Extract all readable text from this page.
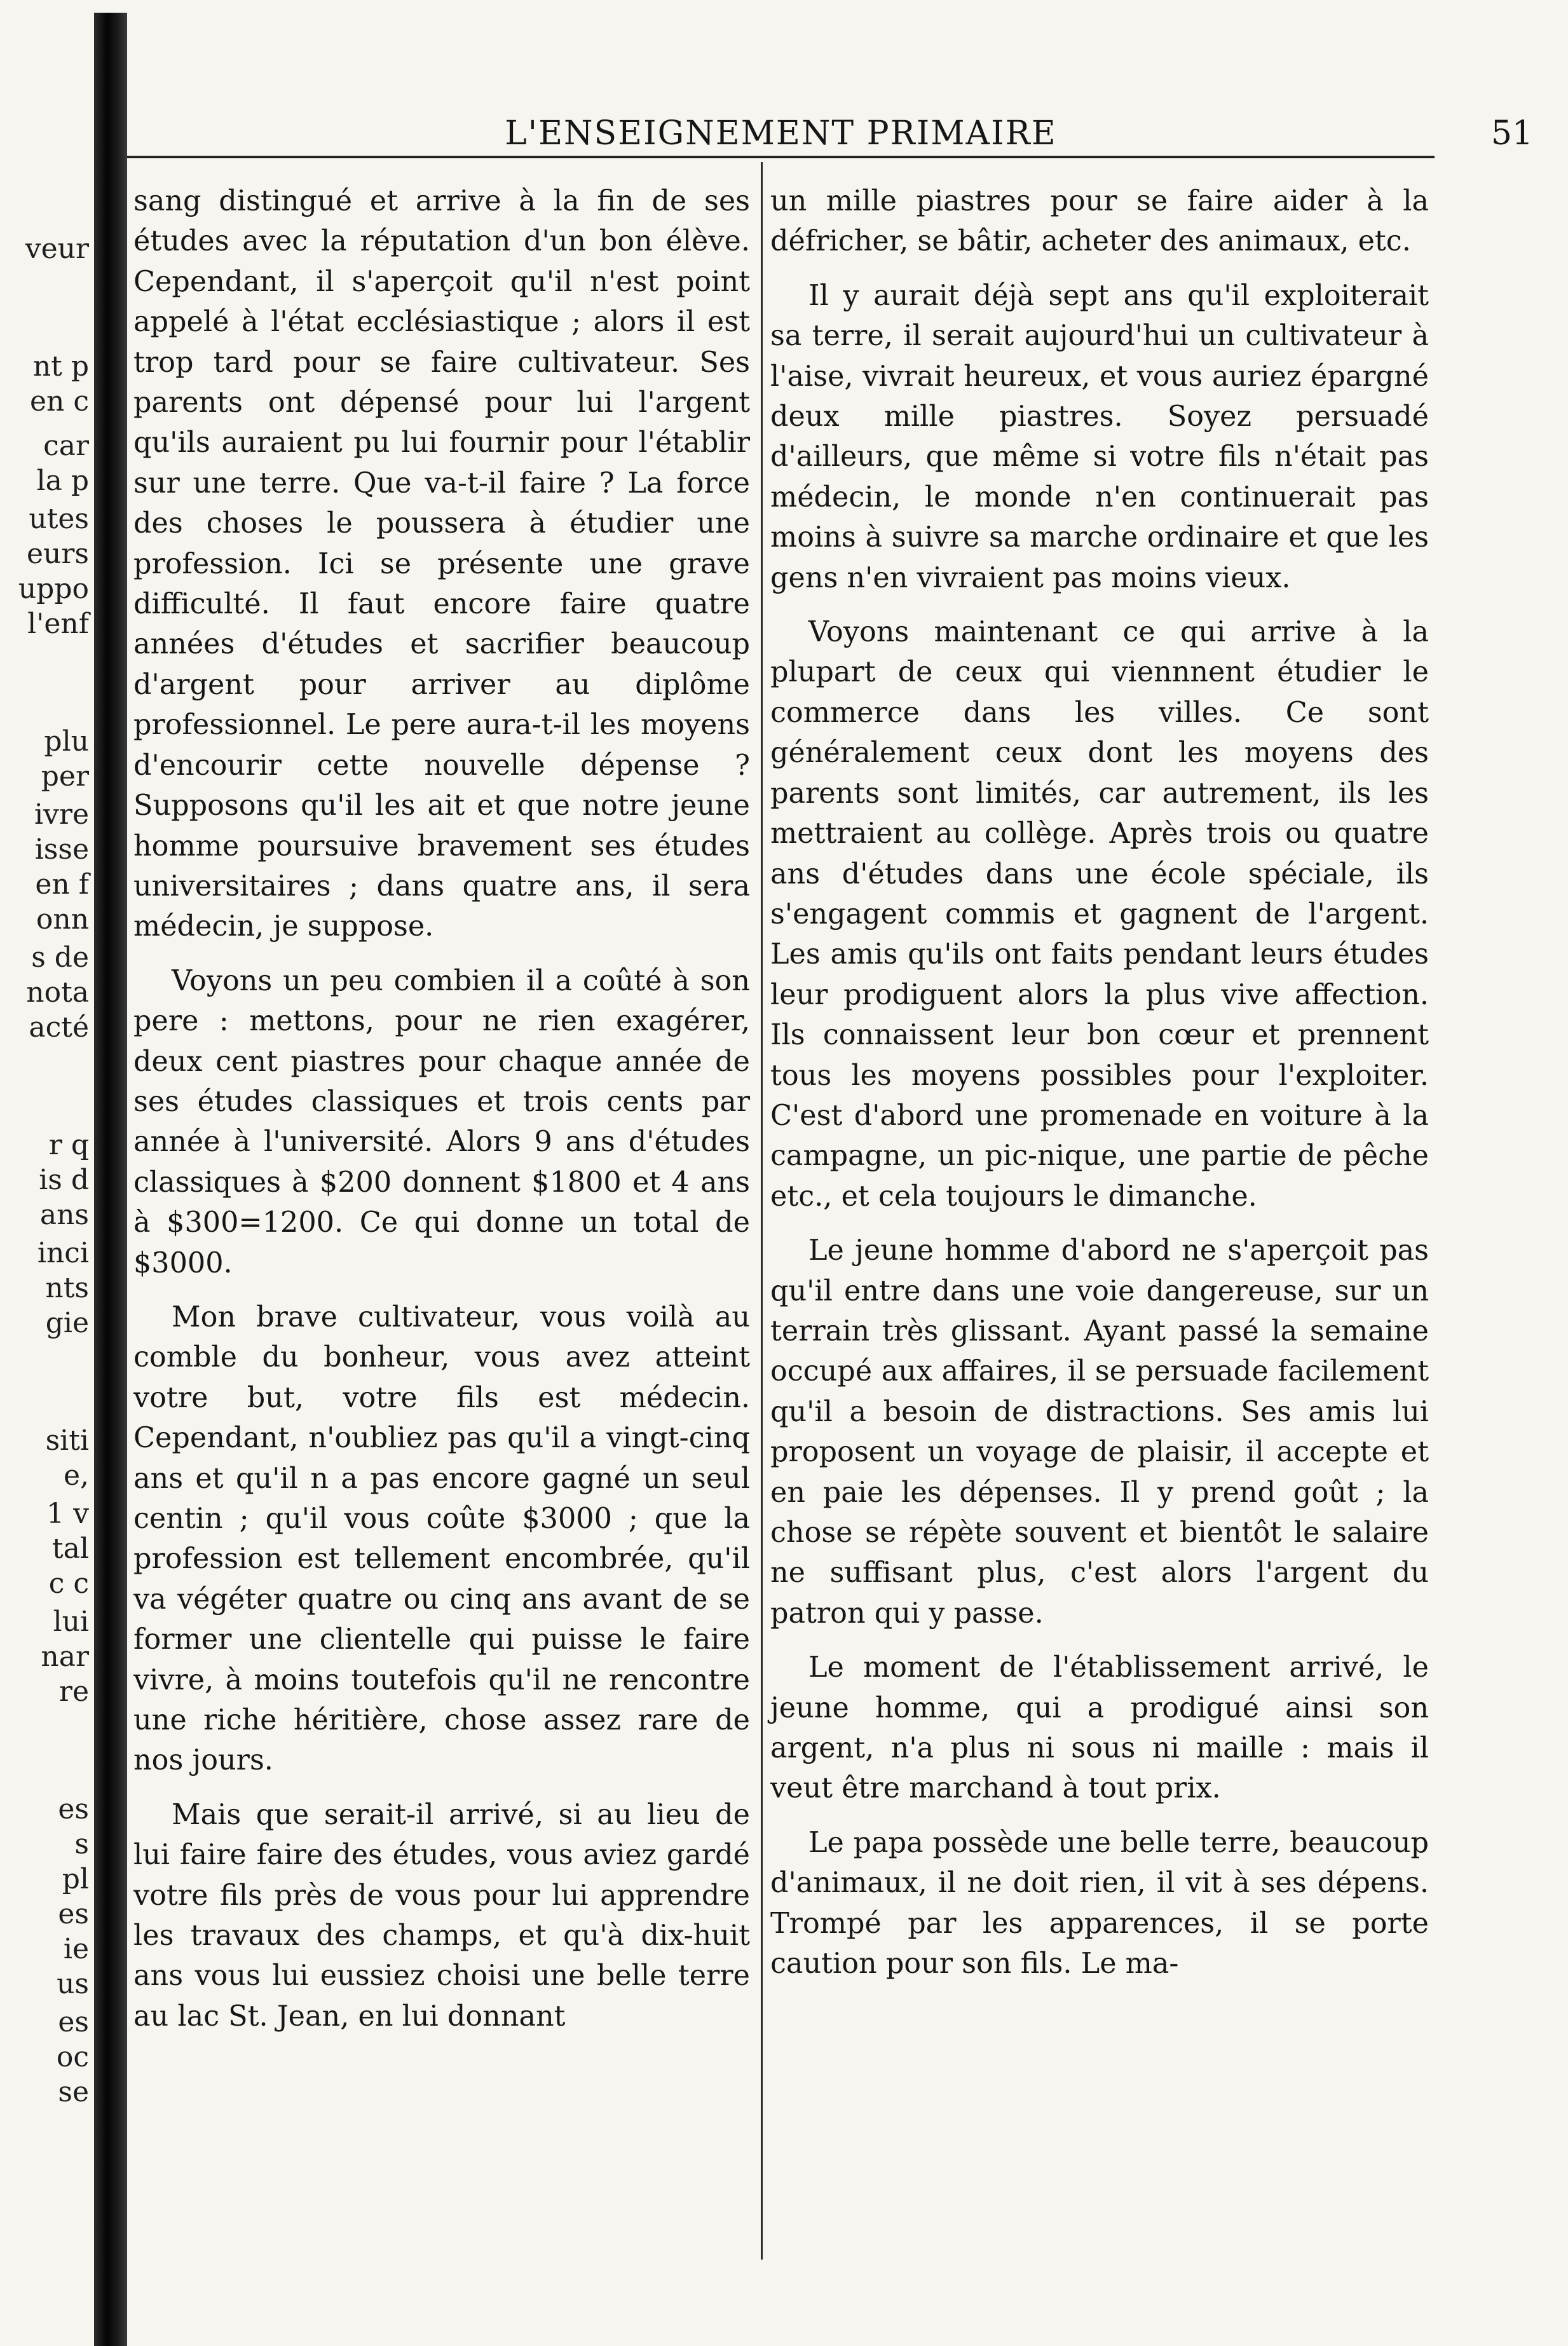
veur

nt p

en c

car

la p

utes

eurs

uppo

l'enf

plu

per

ivre

isse

en f

onn

s de

nota

acté

r q

is d

ans

inci

nts

gie

siti

e,

1 v

tal

c c

lui

nar

re

es

s

pl

es

ie

us

es

oc

se

L'ENSEIGNEMENT PRIMAIRE	51

sang distingué et arrive à la fin de ses études avec la réputation d'un bon élève. Cependant, il s'aperçoit qu'il n'est point appelé à l'état ecclésiastique ; alors il est trop tard pour se faire cultivateur. Ses parents ont dépensé pour lui l'argent qu'ils auraient pu lui fournir pour l'établir sur une terre. Que va-t-il faire ? La force des choses le poussera à étudier une profession. Ici se présente une grave difficulté. Il faut encore faire quatre années d'études et sacrifier beaucoup d'argent pour arriver au diplôme professionnel. Le pere aura-t-il les moyens d'encourir cette nouvelle dépense ? Supposons qu'il les ait et que notre jeune homme poursuive bravement ses études universitaires ; dans quatre ans, il sera médecin, je suppose.

Voyons un peu combien il a coûté à son pere : mettons, pour ne rien exagérer, deux cent piastres pour chaque année de ses études classiques et trois cents par année à l'université. Alors 9 ans d'études classiques à $200 donnent $1800 et 4 ans à $300=1200. Ce qui donne un total de $3000.

Mon brave cultivateur, vous voilà au comble du bonheur, vous avez atteint votre but, votre fils est médecin. Cependant, n'oubliez pas qu'il a vingt-cinq ans et qu'il n a pas encore gagné un seul centin ; qu'il vous coûte $3000 ; que la profession est tellement encombrée, qu'il va végéter quatre ou cinq ans avant de se former une clientelle qui puisse le faire vivre, à moins toutefois qu'il ne rencontre une riche héritière, chose assez rare de nos jours.

Mais que serait-il arrivé, si au lieu de lui faire faire des études, vous aviez gardé votre fils près de vous pour lui apprendre les travaux des champs, et qu'à dix-huit ans vous lui eussiez choisi une belle terre au lac St. Jean, en lui donnant

un mille piastres pour se faire aider à la défricher, se bâtir, acheter des animaux, etc.

Il y aurait déjà sept ans qu'il exploiterait sa terre, il serait aujourd'hui un cultivateur à l'aise, vivrait heureux, et vous auriez épargné deux mille piastres. Soyez persuadé d'ailleurs, que même si votre fils n'était pas médecin, le monde n'en continuerait pas moins à suivre sa marche ordinaire et que les gens n'en vivraient pas moins vieux.

Voyons maintenant ce qui arrive à la plupart de ceux qui viennnent étudier le commerce dans les villes. Ce sont généralement ceux dont les moyens des parents sont limités, car autrement, ils les mettraient au collège. Après trois ou quatre ans d'études dans une école spéciale, ils s'engagent commis et gagnent de l'argent. Les amis qu'ils ont faits pendant leurs études leur prodiguent alors la plus vive affection. Ils connaissent leur bon cœur et prennent tous les moyens possibles pour l'exploiter. C'est d'abord une promenade en voiture à la campagne, un pic-nique, une partie de pêche etc., et cela toujours le dimanche.

Le jeune homme d'abord ne s'aperçoit pas qu'il entre dans une voie dangereuse, sur un terrain très glissant. Ayant passé la semaine occupé aux affaires, il se persuade facilement qu'il a besoin de distractions. Ses amis lui proposent un voyage de plaisir, il accepte et en paie les dépenses. Il y prend goût ; la chose se répète souvent et bientôt le salaire ne suffisant plus, c'est alors l'argent du patron qui y passe.

Le moment de l'établissement arrivé, le jeune homme, qui a prodigué ainsi son argent, n'a plus ni sous ni maille : mais il veut être marchand à tout prix.

Le papa possède une belle terre, beaucoup d'animaux, il ne doit rien, il vit à ses dépens. Trompé par les apparences, il se porte caution pour son fils. Le ma-
